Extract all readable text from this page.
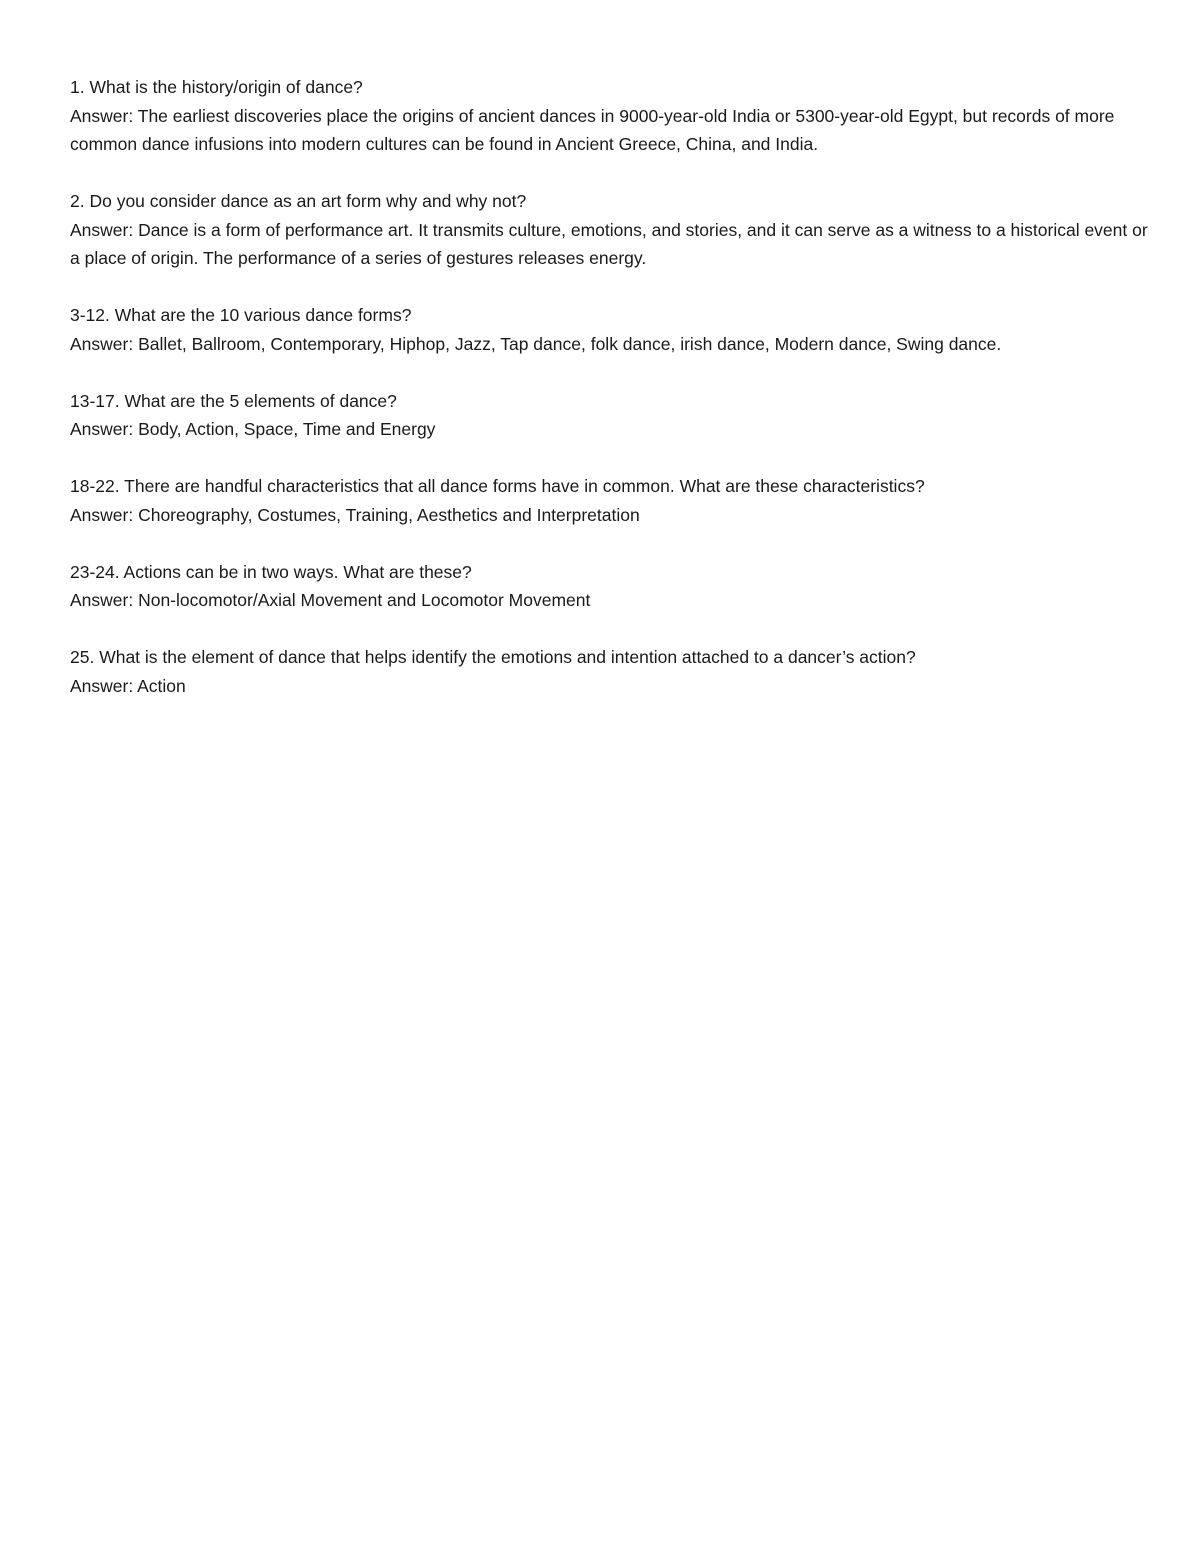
1. What is the history/origin of dance?
Answer: The earliest discoveries place the origins of ancient dances in 9000-year-old India or 5300-year-old Egypt, but records of more common dance infusions into modern cultures can be found in Ancient Greece, China, and India.
2. Do you consider dance as an art form why and why not?
Answer: Dance is a form of performance art. It transmits culture, emotions, and stories, and it can serve as a witness to a historical event or a place of origin. The performance of a series of gestures releases energy.
3-12. What are the 10 various dance forms?
Answer: Ballet, Ballroom, Contemporary, Hiphop, Jazz, Tap dance, folk dance, irish dance, Modern dance, Swing dance.
13-17. What are the 5 elements of dance?
Answer: Body, Action, Space, Time and Energy
18-22. There are handful characteristics that all dance forms have in common. What are these characteristics?
Answer: Choreography, Costumes, Training, Aesthetics and Interpretation
23-24. Actions can be in two ways. What are these?
Answer: Non-locomotor/Axial Movement and Locomotor Movement
25. What is the element of dance that helps identify the emotions and intention attached to a dancer’s action?
Answer: Action
